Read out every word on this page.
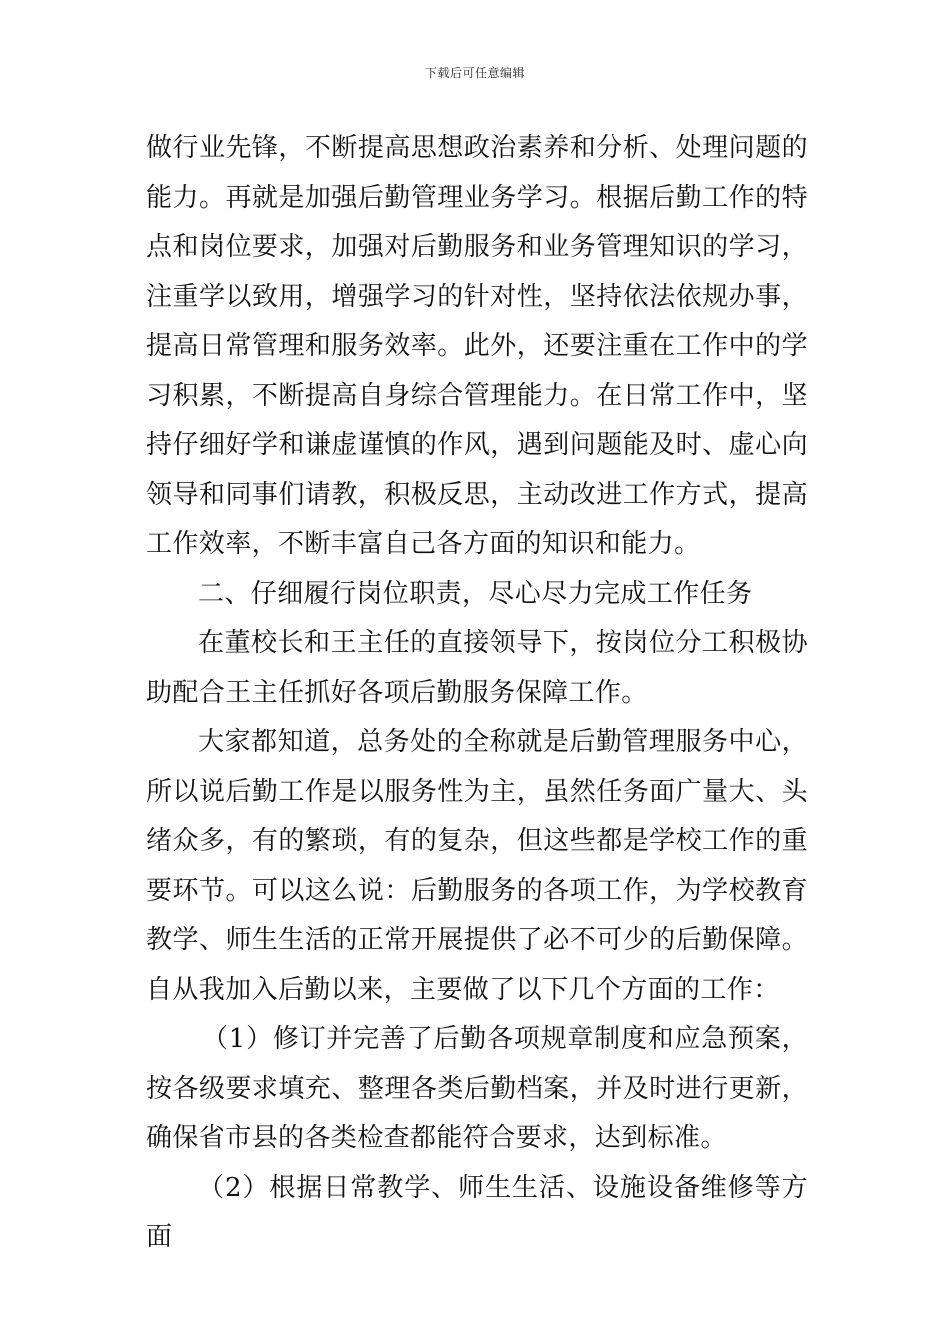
下载后可任意编辑

做行业先锋，不断提高思想政治素养和分析、处理问题的能力。再就是加强后勤管理业务学习。根据后勤工作的特点和岗位要求，加强对后勤服务和业务管理知识的学习，注重学以致用，增强学习的针对性，坚持依法依规办事，提高日常管理和服务效率。此外，还要注重在工作中的学习积累，不断提高自身综合管理能力。在日常工作中，坚持仔细好学和谦虚谨慎的作风，遇到问题能及时、虚心向领导和同事们请教，积极反思，主动改进工作方式，提高工作效率，不断丰富自己各方面的知识和能力。

二、仔细履行岗位职责，尽心尽力完成工作任务

在董校长和王主任的直接领导下，按岗位分工积极协助配合王主任抓好各项后勤服务保障工作。

大家都知道，总务处的全称就是后勤管理服务中心，所以说后勤工作是以服务性为主，虽然任务面广量大、头绪众多，有的繁琐，有的复杂，但这些都是学校工作的重要环节。可以这么说：后勤服务的各项工作，为学校教育教学、师生生活的正常开展提供了必不可少的后勤保障。自从我加入后勤以来，主要做了以下几个方面的工作：

（1）修订并完善了后勤各项规章制度和应急预案，按各级要求填充、整理各类后勤档案，并及时进行更新，确保省市县的各类检查都能符合要求，达到标准。

（2）根据日常教学、师生生活、设施设备维修等方面
